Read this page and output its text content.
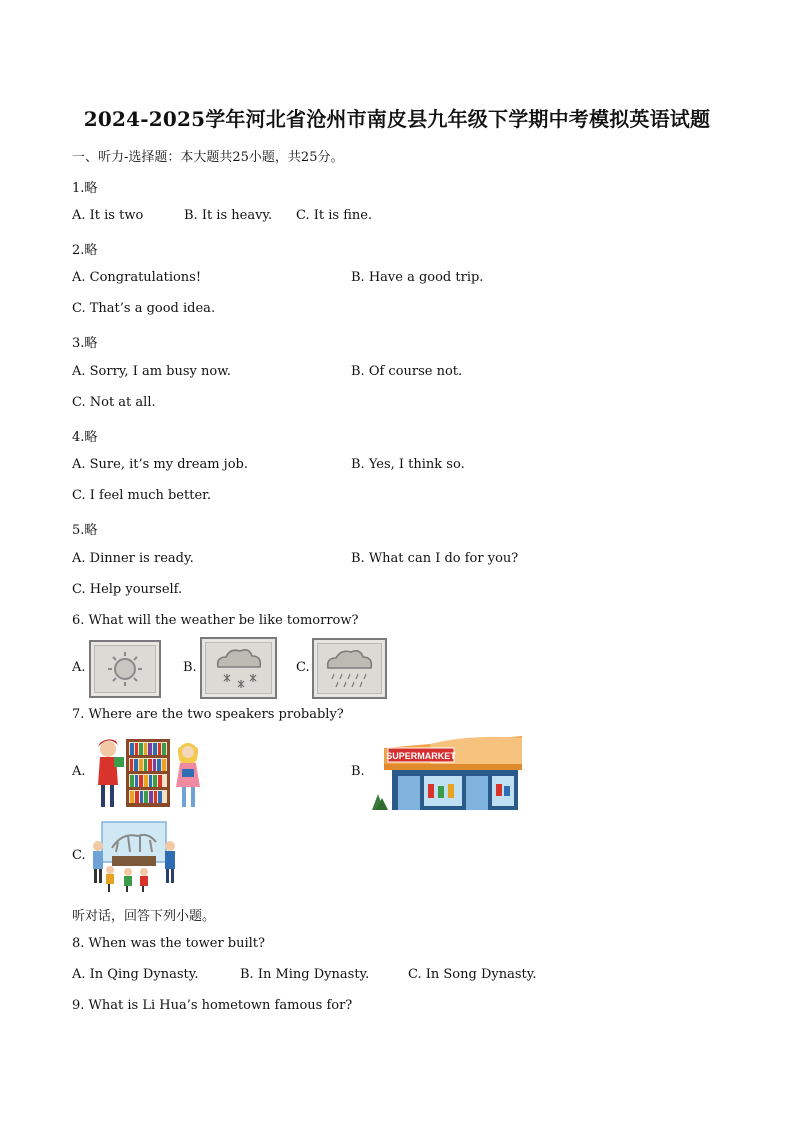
2024-2025学年河北省沧州市南皮县九年级下学期中考模拟英语试题
一、听力-选择题：本大题共25小题，共25分。
1.略
A. It is two	B. It is heavy. C. It is fine.
2.略
A. Congratulations!	B. Have a good trip.
C. That’s a good idea.
3.略
A. Sorry, I am busy now.	B. Of course not.
C. Not at all.
4.略
A. Sure, it’s my dream job.	B. Yes, I think so.
C. I feel much better.
5.略
A. Dinner is ready.	B. What can I do for you?
C. Help yourself.
6. What will the weather be like tomorrow?
A.	B.	C.
7. Where are the two speakers probably?
A.	B.
SUPERMARKET
C.
听对话，回答下列小题。
8. When was the tower built?
A. In Qing Dynasty.	B. In Ming Dynasty.	C. In Song Dynasty.
9. What is Li Hua’s hometown famous for?
